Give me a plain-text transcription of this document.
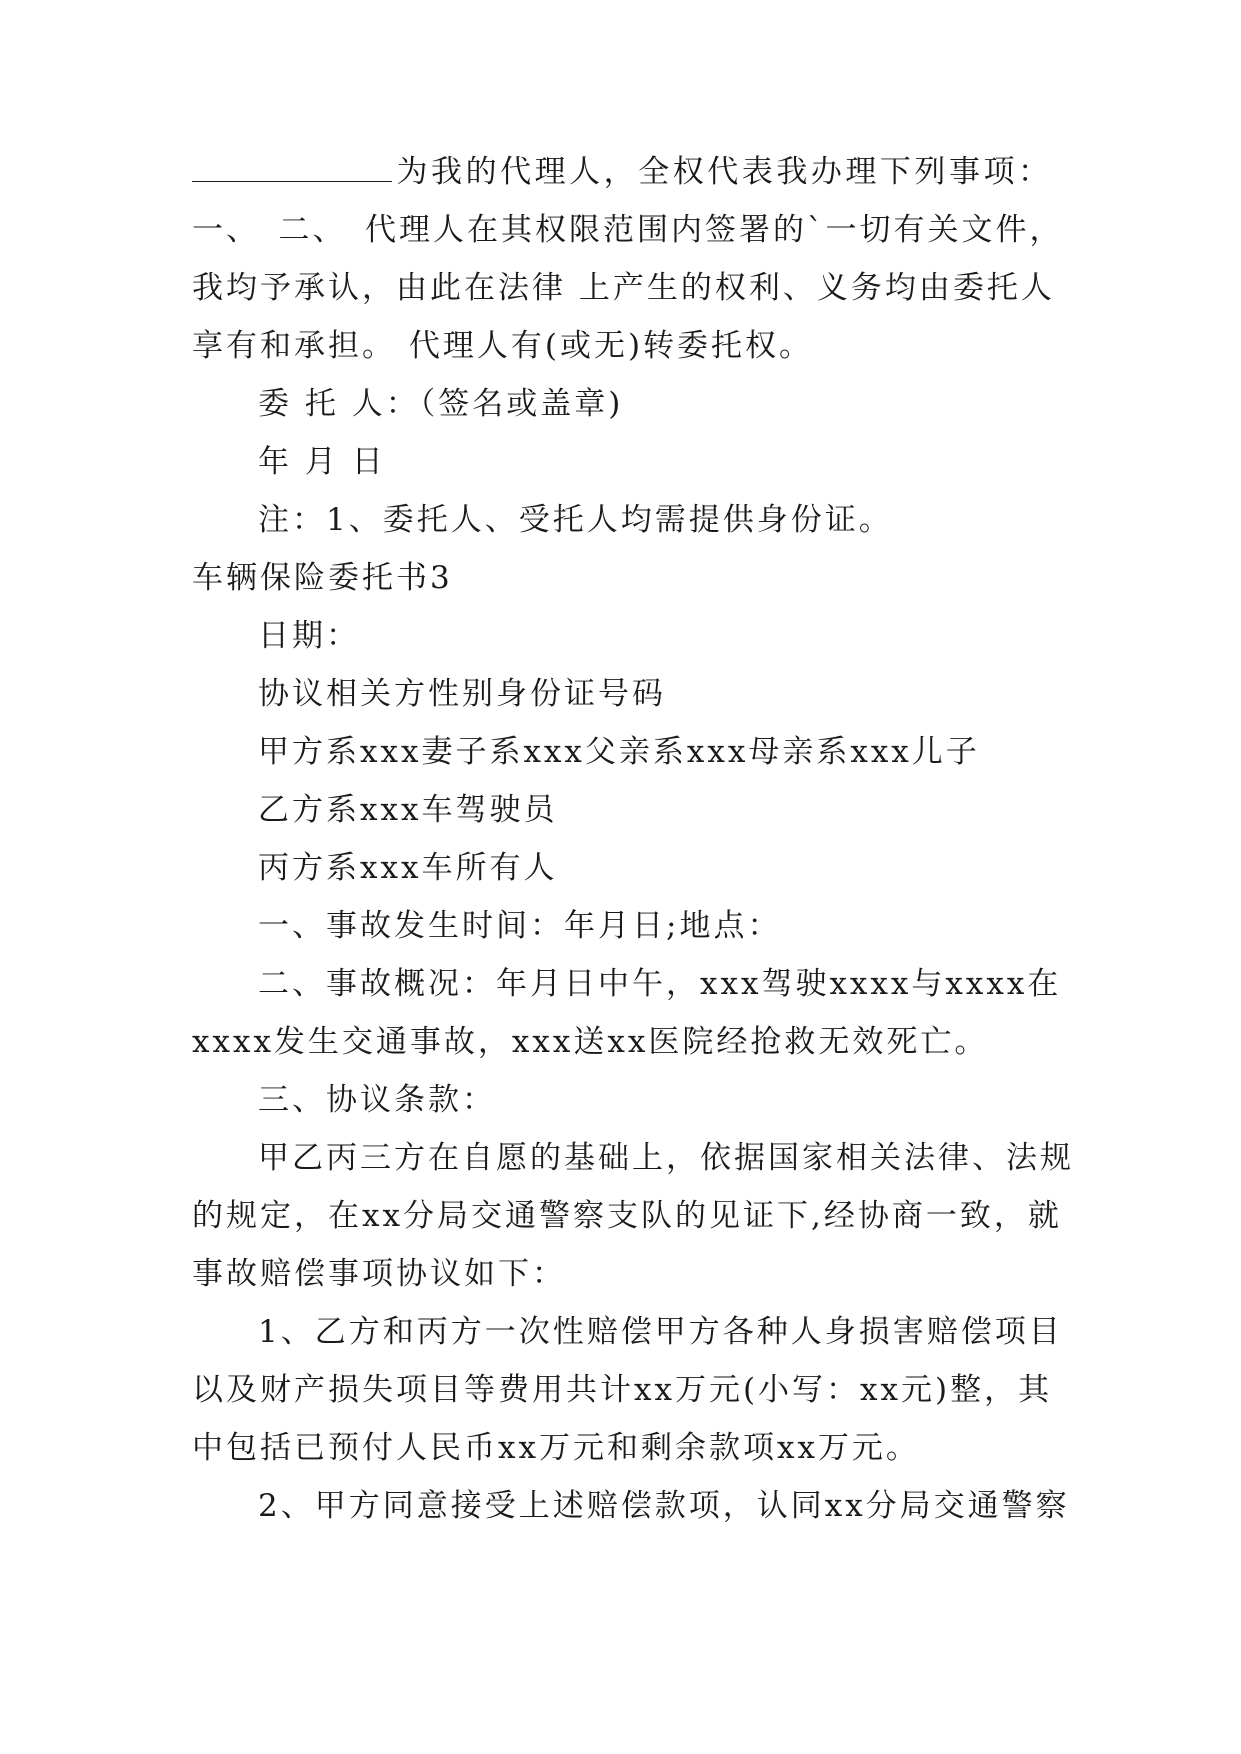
为我的代理人，全权代表我办理下列事项：
一、　二、　代理人在其权限范围内签署的`一切有关文件，
我均予承认，由此在法律 上产生的权利、义务均由委托人
享有和承担。 代理人有(或无)转委托权。
委 托 人：（签名或盖章)
年 月 日
注：1、委托人、受托人均需提供身份证。
车辆保险委托书3
日期：
协议相关方性别身份证号码
甲方系xxx妻子系xxx父亲系xxx母亲系xxx儿子
乙方系xxx车驾驶员
丙方系xxx车所有人
一、事故发生时间：年月日;地点：
二、事故概况：年月日中午，xxx驾驶xxxx与xxxx在
xxxx发生交通事故，xxx送xx医院经抢救无效死亡。
三、协议条款：
甲乙丙三方在自愿的基础上，依据国家相关法律、法规
的规定，在xx分局交通警察支队的见证下,经协商一致，就
事故赔偿事项协议如下：
1、乙方和丙方一次性赔偿甲方各种人身损害赔偿项目
以及财产损失项目等费用共计xx万元(小写：xx元)整，其
中包括已预付人民币xx万元和剩余款项xx万元。
2、甲方同意接受上述赔偿款项，认同xx分局交通警察
